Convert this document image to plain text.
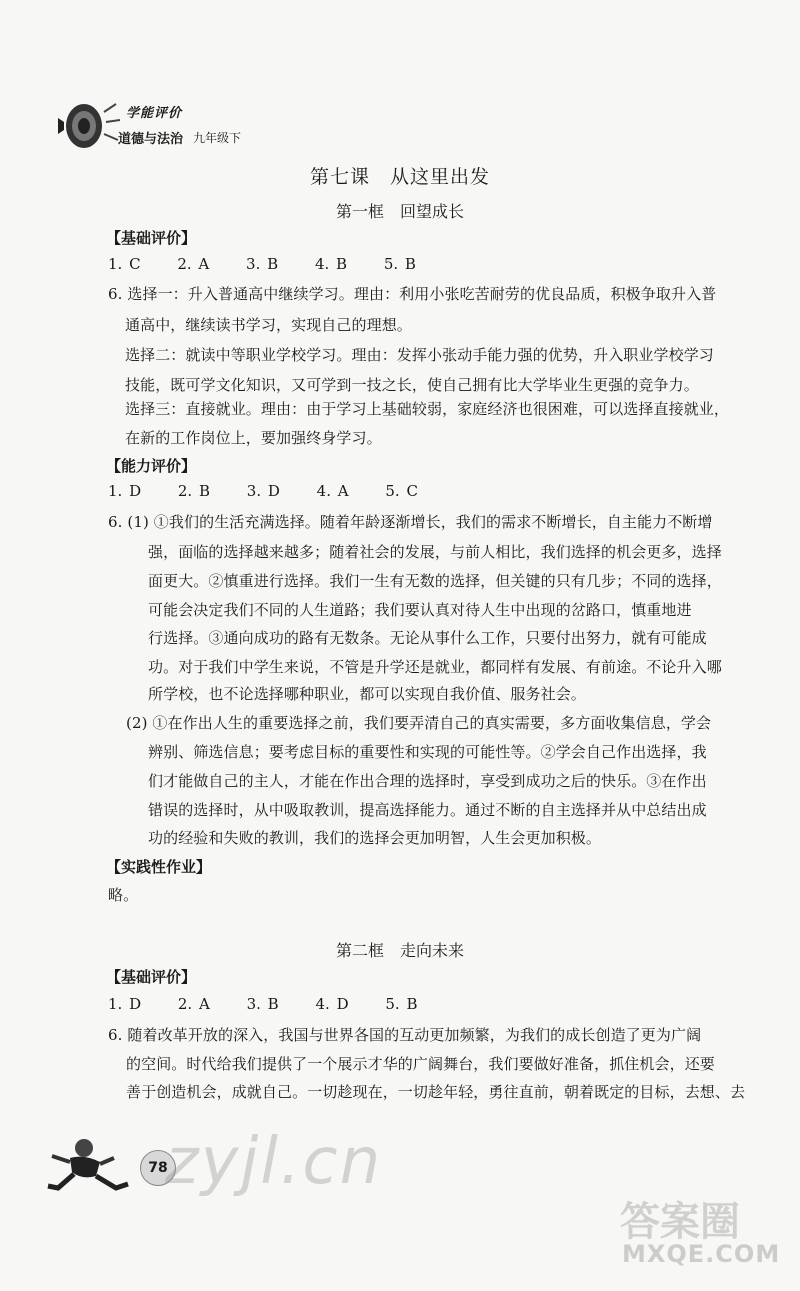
学能评价
道德与法治 九年级下
第七课　从这里出发
第一框　回望成长
【基础评价】
1. C 2. A 3. B 4. B 5. B
6. 选择一：升入普通高中继续学习。理由：利用小张吃苦耐劳的优良品质，积极争取升入普
通高中，继续读书学习，实现自己的理想。
选择二：就读中等职业学校学习。理由：发挥小张动手能力强的优势，升入职业学校学习
技能，既可学文化知识，又可学到一技之长，使自己拥有比大学毕业生更强的竞争力。
选择三：直接就业。理由：由于学习上基础较弱，家庭经济也很困难，可以选择直接就业，
在新的工作岗位上，要加强终身学习。
【能力评价】
1. D 2. B 3. D 4. A 5. C
6. (1) ①我们的生活充满选择。随着年龄逐渐增长，我们的需求不断增长，自主能力不断增
强，面临的选择越来越多；随着社会的发展，与前人相比，我们选择的机会更多，选择
面更大。②慎重进行选择。我们一生有无数的选择，但关键的只有几步；不同的选择，
可能会决定我们不同的人生道路；我们要认真对待人生中出现的岔路口，慎重地进
行选择。③通向成功的路有无数条。无论从事什么工作，只要付出努力，就有可能成
功。对于我们中学生来说，不管是升学还是就业，都同样有发展、有前途。不论升入哪
所学校，也不论选择哪种职业，都可以实现自我价值、服务社会。
(2) ①在作出人生的重要选择之前，我们要弄清自己的真实需要，多方面收集信息，学会
辨别、筛选信息；要考虑目标的重要性和实现的可能性等。②学会自己作出选择，我
们才能做自己的主人，才能在作出合理的选择时，享受到成功之后的快乐。③在作出
错误的选择时，从中吸取教训，提高选择能力。通过不断的自主选择并从中总结出成
功的经验和失败的教训，我们的选择会更加明智，人生会更加积极。
【实践性作业】
略。
第二框　走向未来
【基础评价】
1. D 2. A 3. B 4. D 5. B
6. 随着改革开放的深入，我国与世界各国的互动更加频繁，为我们的成长创造了更为广阔
的空间。时代给我们提供了一个展示才华的广阔舞台，我们要做好准备，抓住机会，还要
善于创造机会，成就自己。一切趁现在，一切趁年轻，勇往直前，朝着既定的目标，去想、去
78
zyjl.cn
答案圈
MXQE.COM
